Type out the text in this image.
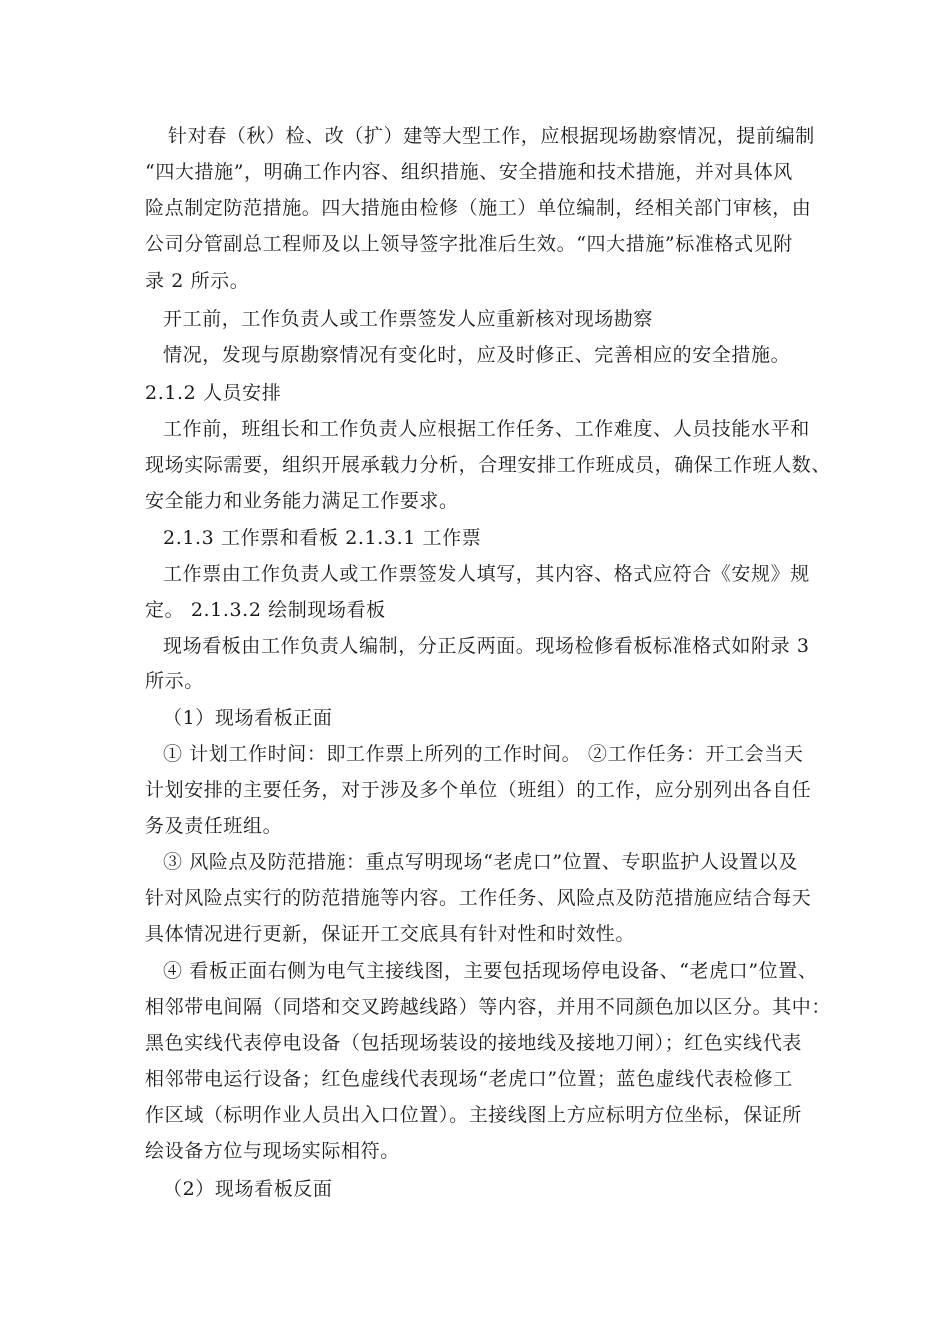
针对春（秋）检、改（扩）建等大型工作，应根据现场勘察情况，提前编制
“四大措施”，明确工作内容、组织措施、安全措施和技术措施，并对具体风
险点制定防范措施。四大措施由检修（施工）单位编制，经相关部门审核，由
公司分管副总工程师及以上领导签字批准后生效。“四大措施”标准格式见附
录 2 所示。
开工前，工作负责人或工作票签发人应重新核对现场勘察
情况，发现与原勘察情况有变化时，应及时修正、完善相应的安全措施。
2.1.2 人员安排
工作前，班组长和工作负责人应根据工作任务、工作难度、人员技能水平和
现场实际需要，组织开展承载力分析，合理安排工作班成员，确保工作班人数、
安全能力和业务能力满足工作要求。
2.1.3 工作票和看板 2.1.3.1 工作票
工作票由工作负责人或工作票签发人填写，其内容、格式应符合《安规》规
定。 2.1.3.2 绘制现场看板
现场看板由工作负责人编制，分正反两面。现场检修看板标准格式如附录 3
所示。
（1）现场看板正面
① 计划工作时间：即工作票上所列的工作时间。 ②工作任务：开工会当天
计划安排的主要任务，对于涉及多个单位（班组）的工作，应分别列出各自任
务及责任班组。
③ 风险点及防范措施：重点写明现场“老虎口”位置、专职监护人设置以及
针对风险点实行的防范措施等内容。工作任务、风险点及防范措施应结合每天
具体情况进行更新，保证开工交底具有针对性和时效性。
④ 看板正面右侧为电气主接线图，主要包括现场停电设备、“老虎口”位置、
相邻带电间隔（同塔和交叉跨越线路）等内容，并用不同颜色加以区分。其中：
黑色实线代表停电设备（包括现场装设的接地线及接地刀闸）；红色实线代表
相邻带电运行设备；红色虚线代表现场“老虎口”位置；蓝色虚线代表检修工
作区域（标明作业人员出入口位置）。主接线图上方应标明方位坐标，保证所
绘设备方位与现场实际相符。
（2）现场看板反面
